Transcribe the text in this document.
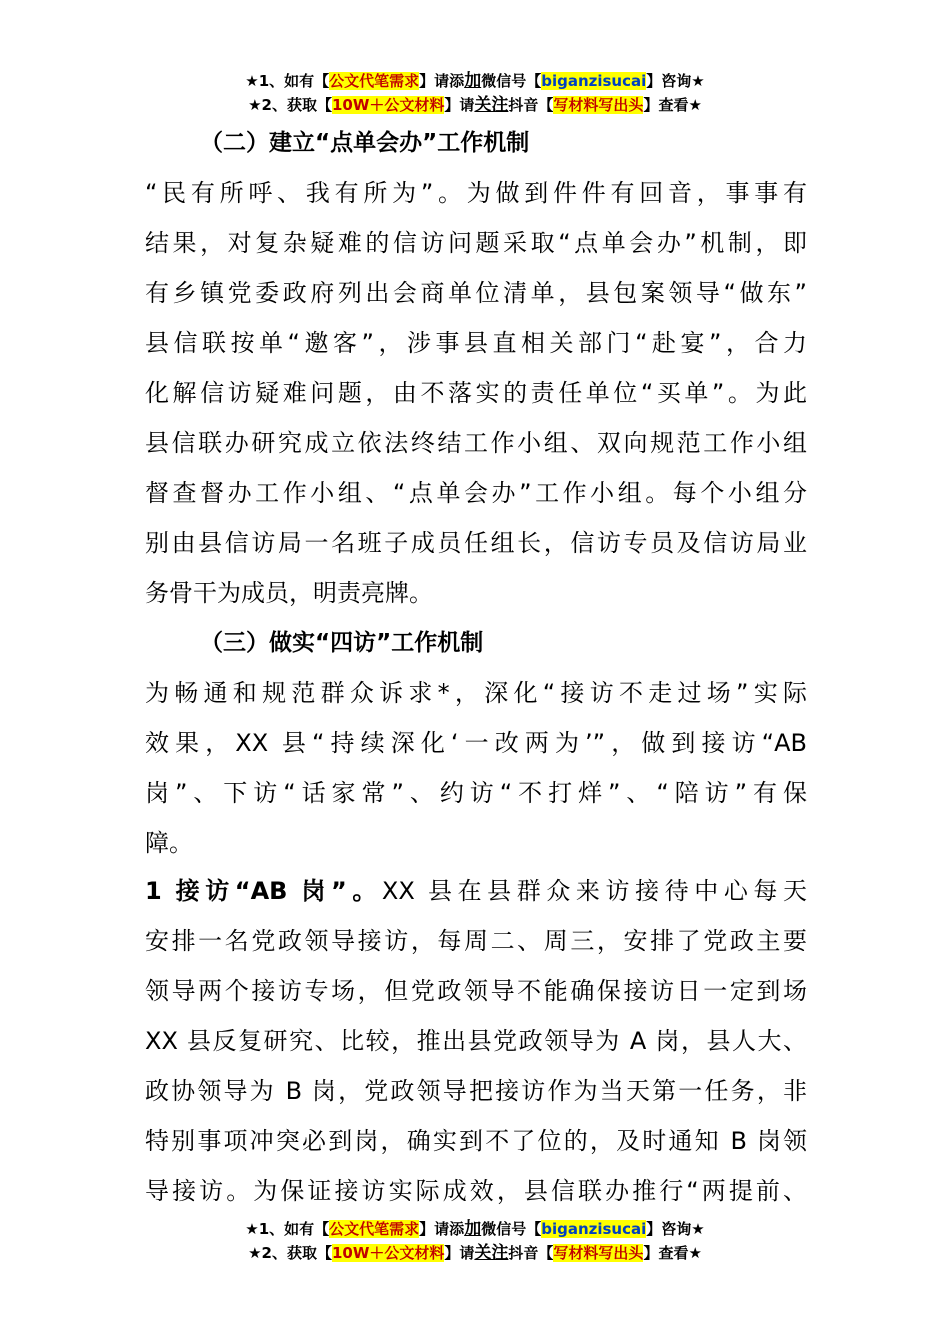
★1、如有【公文代笔需求】请添加微信号【biganzisucai】咨询★
★2、获取【10W＋公文材料】请关注抖音【写材料写出头】查看★
（二）建立“点单会办”工作机制
“民有所呼、我有所为”。为做到件件有回音，事事有
结果，对复杂疑难的信访问题采取“点单会办”机制，即
有乡镇党委政府列出会商单位清单，县包案领导“做东”
县信联按单“邀客”，涉事县直相关部门“赴宴”，合力
化解信访疑难问题，由不落实的责任单位“买单”。为此
县信联办研究成立依法终结工作小组、双向规范工作小组
督查督办工作小组、“点单会办”工作小组。每个小组分
别由县信访局一名班子成员任组长，信访专员及信访局业
务骨干为成员，明责亮牌。
为畅通和规范群众诉求*，深化“接访不走过场”实际
效果，XX 县“持续深化‘一改两为’”，做到接访“AB
岗”、下访“话家常”、约访“不打烊”、“陪访”有保
障。
1 接访“AB 岗”。XX 县在县群众来访接待中心每天
安排一名党政领导接访，每周二、周三，安排了党政主要
领导两个接访专场，但党政领导不能确保接访日一定到场
XX 县反复研究、比较，推出县党政领导为 A 岗，县人大、
政协领导为 B 岗，党政领导把接访作为当天第一任务，非
特别事项冲突必到岗，确实到不了位的，及时通知 B 岗领
导接访。为保证接访实际成效，县信联办推行“两提前、
（三）做实“四访”工作机制
★1、如有【公文代笔需求】请添加微信号【biganzisucai】咨询★
★2、获取【10W＋公文材料】请关注抖音【写材料写出头】查看★
